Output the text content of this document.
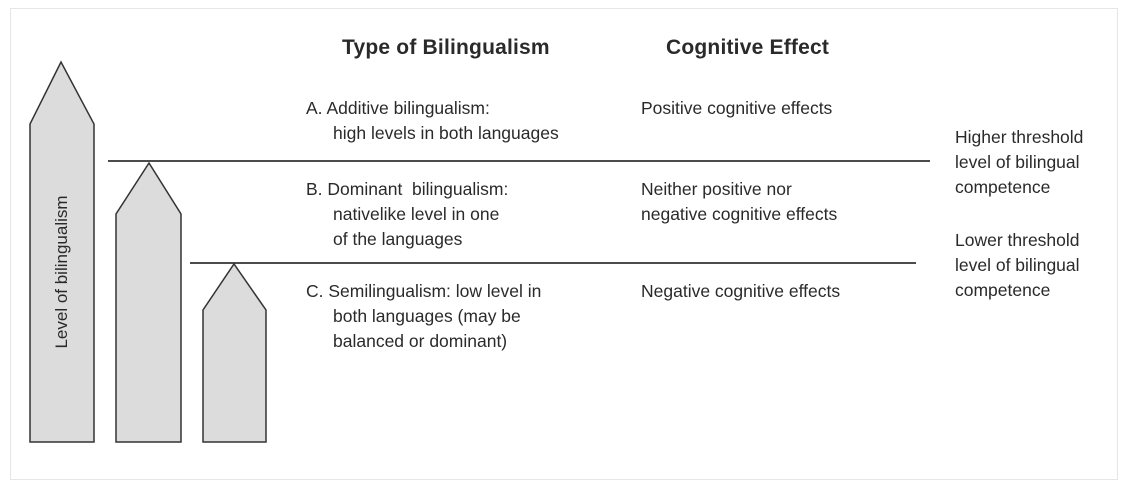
Level of bilingualism
Type of Bilingualism	Cognitive Effect
A. Additive bilingualism:
high levels in both languages
Positive cognitive effects
B. Dominant  bilingualism:
nativelike level in one
of the languages
Neither positive nor
negative cognitive effects
C. Semilingualism: low level in
both languages (may be
balanced or dominant)
Negative cognitive effects
Higher threshold
level of bilingual
competence
Lower threshold
level of bilingual
competence
